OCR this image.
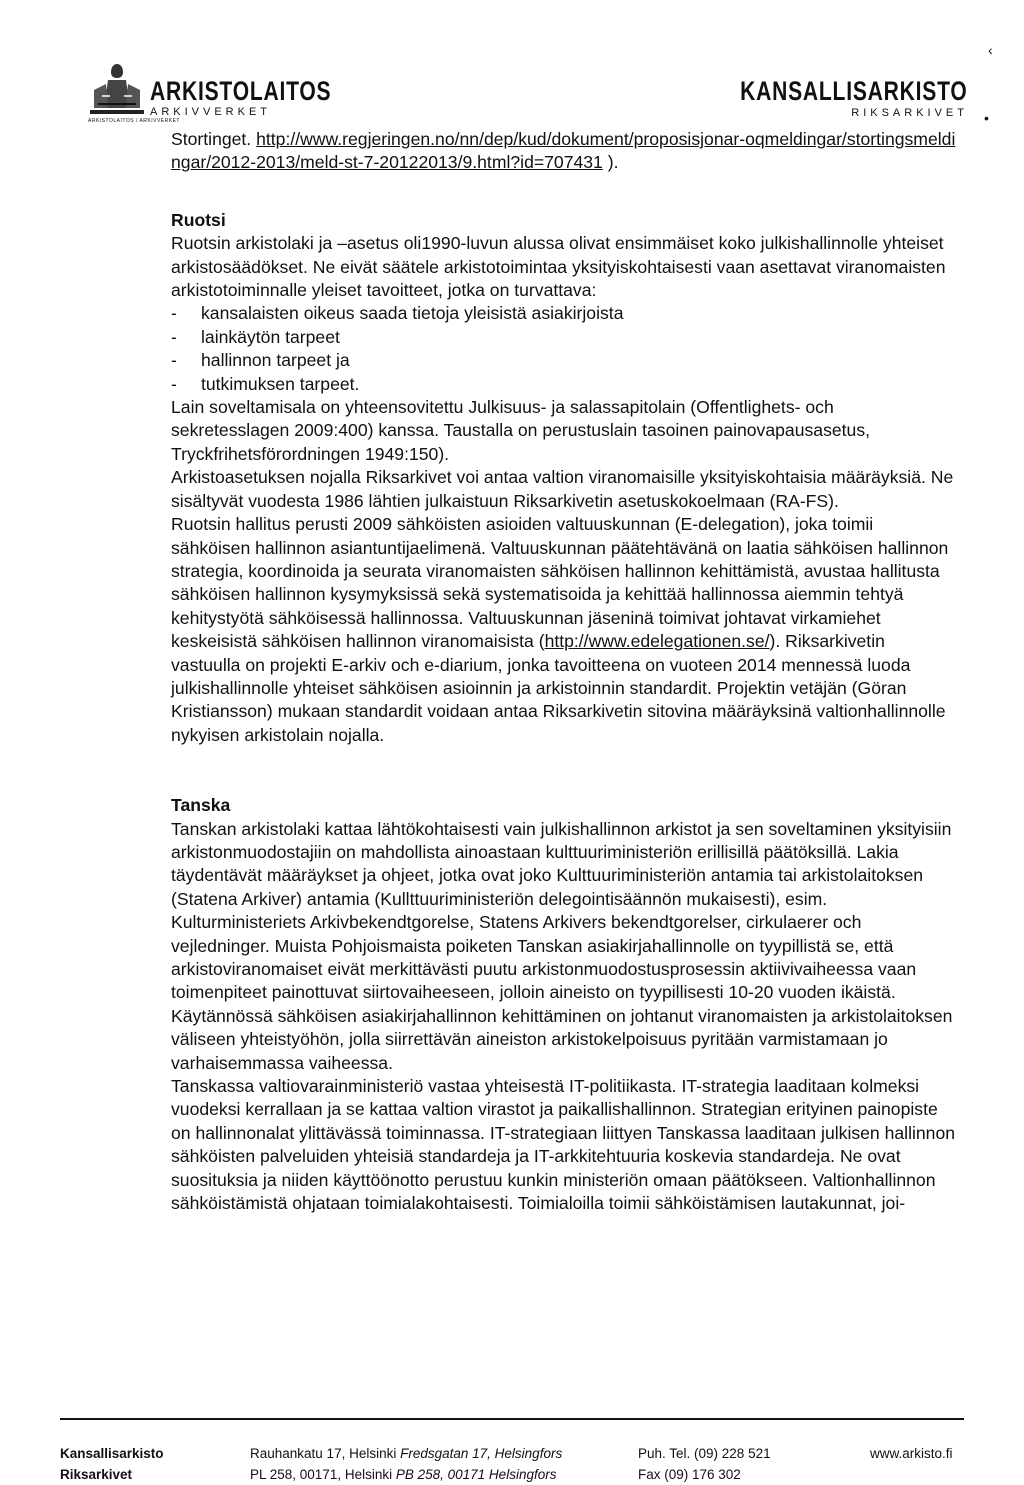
ARKISTOLAITOS
ARKIVVERKET
ARKISTOLAITOS / ARKIVVERKET
KANSALLISARKISTO
RIKSARKIVET
‹
•

Stortinget. http://www.regjeringen.no/nn/dep/kud/dokument/proposisjonar-oqmeldingar/stortingsmeldingar/2012-2013/meld-st-7-20122013/9.html?id=707431 ).

Ruotsi

Ruotsin arkistolaki ja –asetus oli1990-luvun alussa olivat ensimmäiset koko julkishallinnolle yhteiset arkistosäädökset. Ne eivät säätele arkistotoimintaa yksityiskohtaisesti vaan asettavat viranomaisten arkistotoiminnalle yleiset tavoitteet, jotka on turvattava:

- kansalaisten oikeus saada tietoja yleisistä asiakirjoista
- lainkäytön tarpeet
- hallinnon tarpeet ja
- tutkimuksen tarpeet.

Lain soveltamisala on yhteensovitettu Julkisuus- ja salassapitolain (Offentlighets- och sekretesslagen 2009:400) kanssa. Taustalla on perustuslain tasoinen painovapausasetus, Tryckfrihetsförordningen 1949:150).

Arkistoasetuksen nojalla Riksarkivet voi antaa valtion viranomaisille yksityiskohtaisia määräyksiä. Ne sisältyvät vuodesta 1986 lähtien julkaistuun Riksarkivetin asetuskokoelmaan (RA-FS).

Ruotsin hallitus perusti 2009 sähköisten asioiden valtuuskunnan (E-delegation), joka toimii sähköisen hallinnon asiantuntijaelimenä. Valtuuskunnan päätehtävänä on laatia sähköisen hallinnon strategia, koordinoida ja seurata viranomaisten sähköisen hallinnon kehittämistä, avustaa hallitusta sähköisen hallinnon kysymyksissä sekä systematisoida ja kehittää hallinnossa aiemmin tehtyä kehitystyötä sähköisessä hallinnossa. Valtuuskunnan jäseninä toimivat johtavat virkamiehet keskeisistä sähköisen hallinnon viranomaisista (http://www.edelegationen.se/). Riksarkivetin vastuulla on projekti E-arkiv och e-diarium, jonka tavoitteena on vuoteen 2014 mennessä luoda julkishallinnolle yhteiset sähköisen asioinnin ja arkistoinnin standardit. Projektin vetäjän (Göran Kristiansson) mukaan standardit voidaan antaa Riksarkivetin sitovina määräyksinä valtionhallinnolle nykyisen arkistolain nojalla.

Tanska

Tanskan arkistolaki kattaa lähtökohtaisesti vain julkishallinnon arkistot ja sen soveltaminen yksityisiin arkistonmuodostajiin on mahdollista ainoastaan kulttuuriministeriön erillisillä päätöksillä. Lakia täydentävät määräykset ja ohjeet, jotka ovat joko Kulttuuriministeriön antamia tai arkistolaitoksen (Statena Arkiver) antamia (Kullttuuriministeriön delegointisäännön mukaisesti), esim. Kulturministeriets Arkivbekendtgorelse, Statens Arkivers bekendtgorelser, cirkulaerer och vejledninger. Muista Pohjoismaista poiketen Tanskan asiakirjahallinnolle on tyypillistä se, että arkistoviranomaiset eivät merkittävästi puutu arkistonmuodostusprosessin aktiivivaiheessa vaan toimenpiteet painottuvat siirtovaiheeseen, jolloin aineisto on tyypillisesti 10-20 vuoden ikäistä. Käytännössä sähköisen asiakirjahallinnon kehittäminen on johtanut viranomaisten ja arkistolaitoksen väliseen yhteistyöhön, jolla siirrettävän aineiston arkistokelpoisuus pyritään varmistamaan jo varhaisemmassa vaiheessa.

Tanskassa valtiovarainministeriö vastaa yhteisestä IT-politiikasta. IT-strategia laaditaan kolmeksi vuodeksi kerrallaan ja se kattaa valtion virastot ja paikallishallinnon. Strategian erityinen painopiste on hallinnonalat ylittävässä toiminnassa. IT-strategiaan liittyen Tanskassa laaditaan julkisen hallinnon sähköisten palveluiden yhteisiä standardeja ja IT-arkkitehtuuria koskevia standardeja. Ne ovat suosituksia ja niiden käyttöönotto perustuu kunkin ministeriön omaan päätökseen. Valtionhallinnon sähköistämistä ohjataan toimialakohtaisesti. Toimialoilla toimii sähköistämisen lautakunnat, joi-

Kansallisarkisto
Riksarkivet
Rauhankatu 17, Helsinki Fredsgatan 17, Helsingfors
PL 258, 00171, Helsinki PB 258, 00171 Helsingfors
Puh. Tel. (09) 228 521
Fax (09) 176 302
www.arkisto.fi
